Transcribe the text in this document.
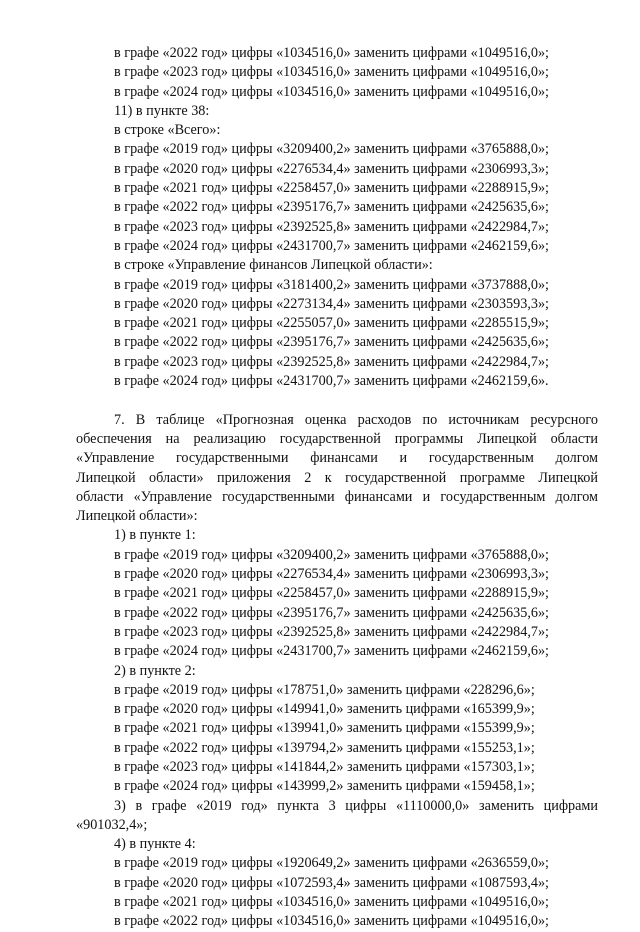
в графе «2022 год» цифры «1034516,0» заменить цифрами «1049516,0»;
в графе «2023 год» цифры «1034516,0» заменить цифрами «1049516,0»;
в графе «2024 год» цифры «1034516,0» заменить цифрами «1049516,0»;
11) в пункте 38:
в строке «Всего»:
в графе «2019 год» цифры «3209400,2» заменить цифрами «3765888,0»;
в графе «2020 год» цифры «2276534,4» заменить цифрами «2306993,3»;
в графе «2021 год» цифры «2258457,0» заменить цифрами «2288915,9»;
в графе «2022 год» цифры «2395176,7» заменить цифрами «2425635,6»;
в графе «2023 год» цифры «2392525,8» заменить цифрами «2422984,7»;
в графе «2024 год» цифры «2431700,7» заменить цифрами «2462159,6»;
в строке «Управление финансов Липецкой области»:
в графе «2019 год» цифры «3181400,2» заменить цифрами «3737888,0»;
в графе «2020 год» цифры «2273134,4» заменить цифрами «2303593,3»;
в графе «2021 год» цифры «2255057,0» заменить цифрами «2285515,9»;
в графе «2022 год» цифры «2395176,7» заменить цифрами «2425635,6»;
в графе «2023 год» цифры «2392525,8» заменить цифрами «2422984,7»;
в графе «2024 год» цифры «2431700,7» заменить цифрами «2462159,6».
7. В таблице «Прогнозная оценка расходов по источникам ресурсного
обеспечения на реализацию государственной программы Липецкой области
«Управление государственными финансами и государственным долгом
Липецкой области» приложения 2 к государственной программе Липецкой
области «Управление государственными финансами и государственным долгом
Липецкой области»:
1) в пункте 1:
в графе «2019 год» цифры «3209400,2» заменить цифрами «3765888,0»;
в графе «2020 год» цифры «2276534,4» заменить цифрами «2306993,3»;
в графе «2021 год» цифры «2258457,0» заменить цифрами «2288915,9»;
в графе «2022 год» цифры «2395176,7» заменить цифрами «2425635,6»;
в графе «2023 год» цифры «2392525,8» заменить цифрами «2422984,7»;
в графе «2024 год» цифры «2431700,7» заменить цифрами «2462159,6»;
2) в пункте 2:
в графе «2019 год» цифры «178751,0» заменить цифрами «228296,6»;
в графе «2020 год» цифры «149941,0» заменить цифрами «165399,9»;
в графе «2021 год» цифры «139941,0» заменить цифрами «155399,9»;
в графе «2022 год» цифры «139794,2» заменить цифрами «155253,1»;
в графе «2023 год» цифры «141844,2» заменить цифрами «157303,1»;
в графе «2024 год» цифры «143999,2» заменить цифрами «159458,1»;
3) в графе «2019 год» пункта 3 цифры «1110000,0» заменить цифрами
«901032,4»;
4) в пункте 4:
в графе «2019 год» цифры «1920649,2» заменить цифрами «2636559,0»;
в графе «2020 год» цифры «1072593,4» заменить цифрами «1087593,4»;
в графе «2021 год» цифры «1034516,0» заменить цифрами «1049516,0»;
в графе «2022 год» цифры «1034516,0» заменить цифрами «1049516,0»;
